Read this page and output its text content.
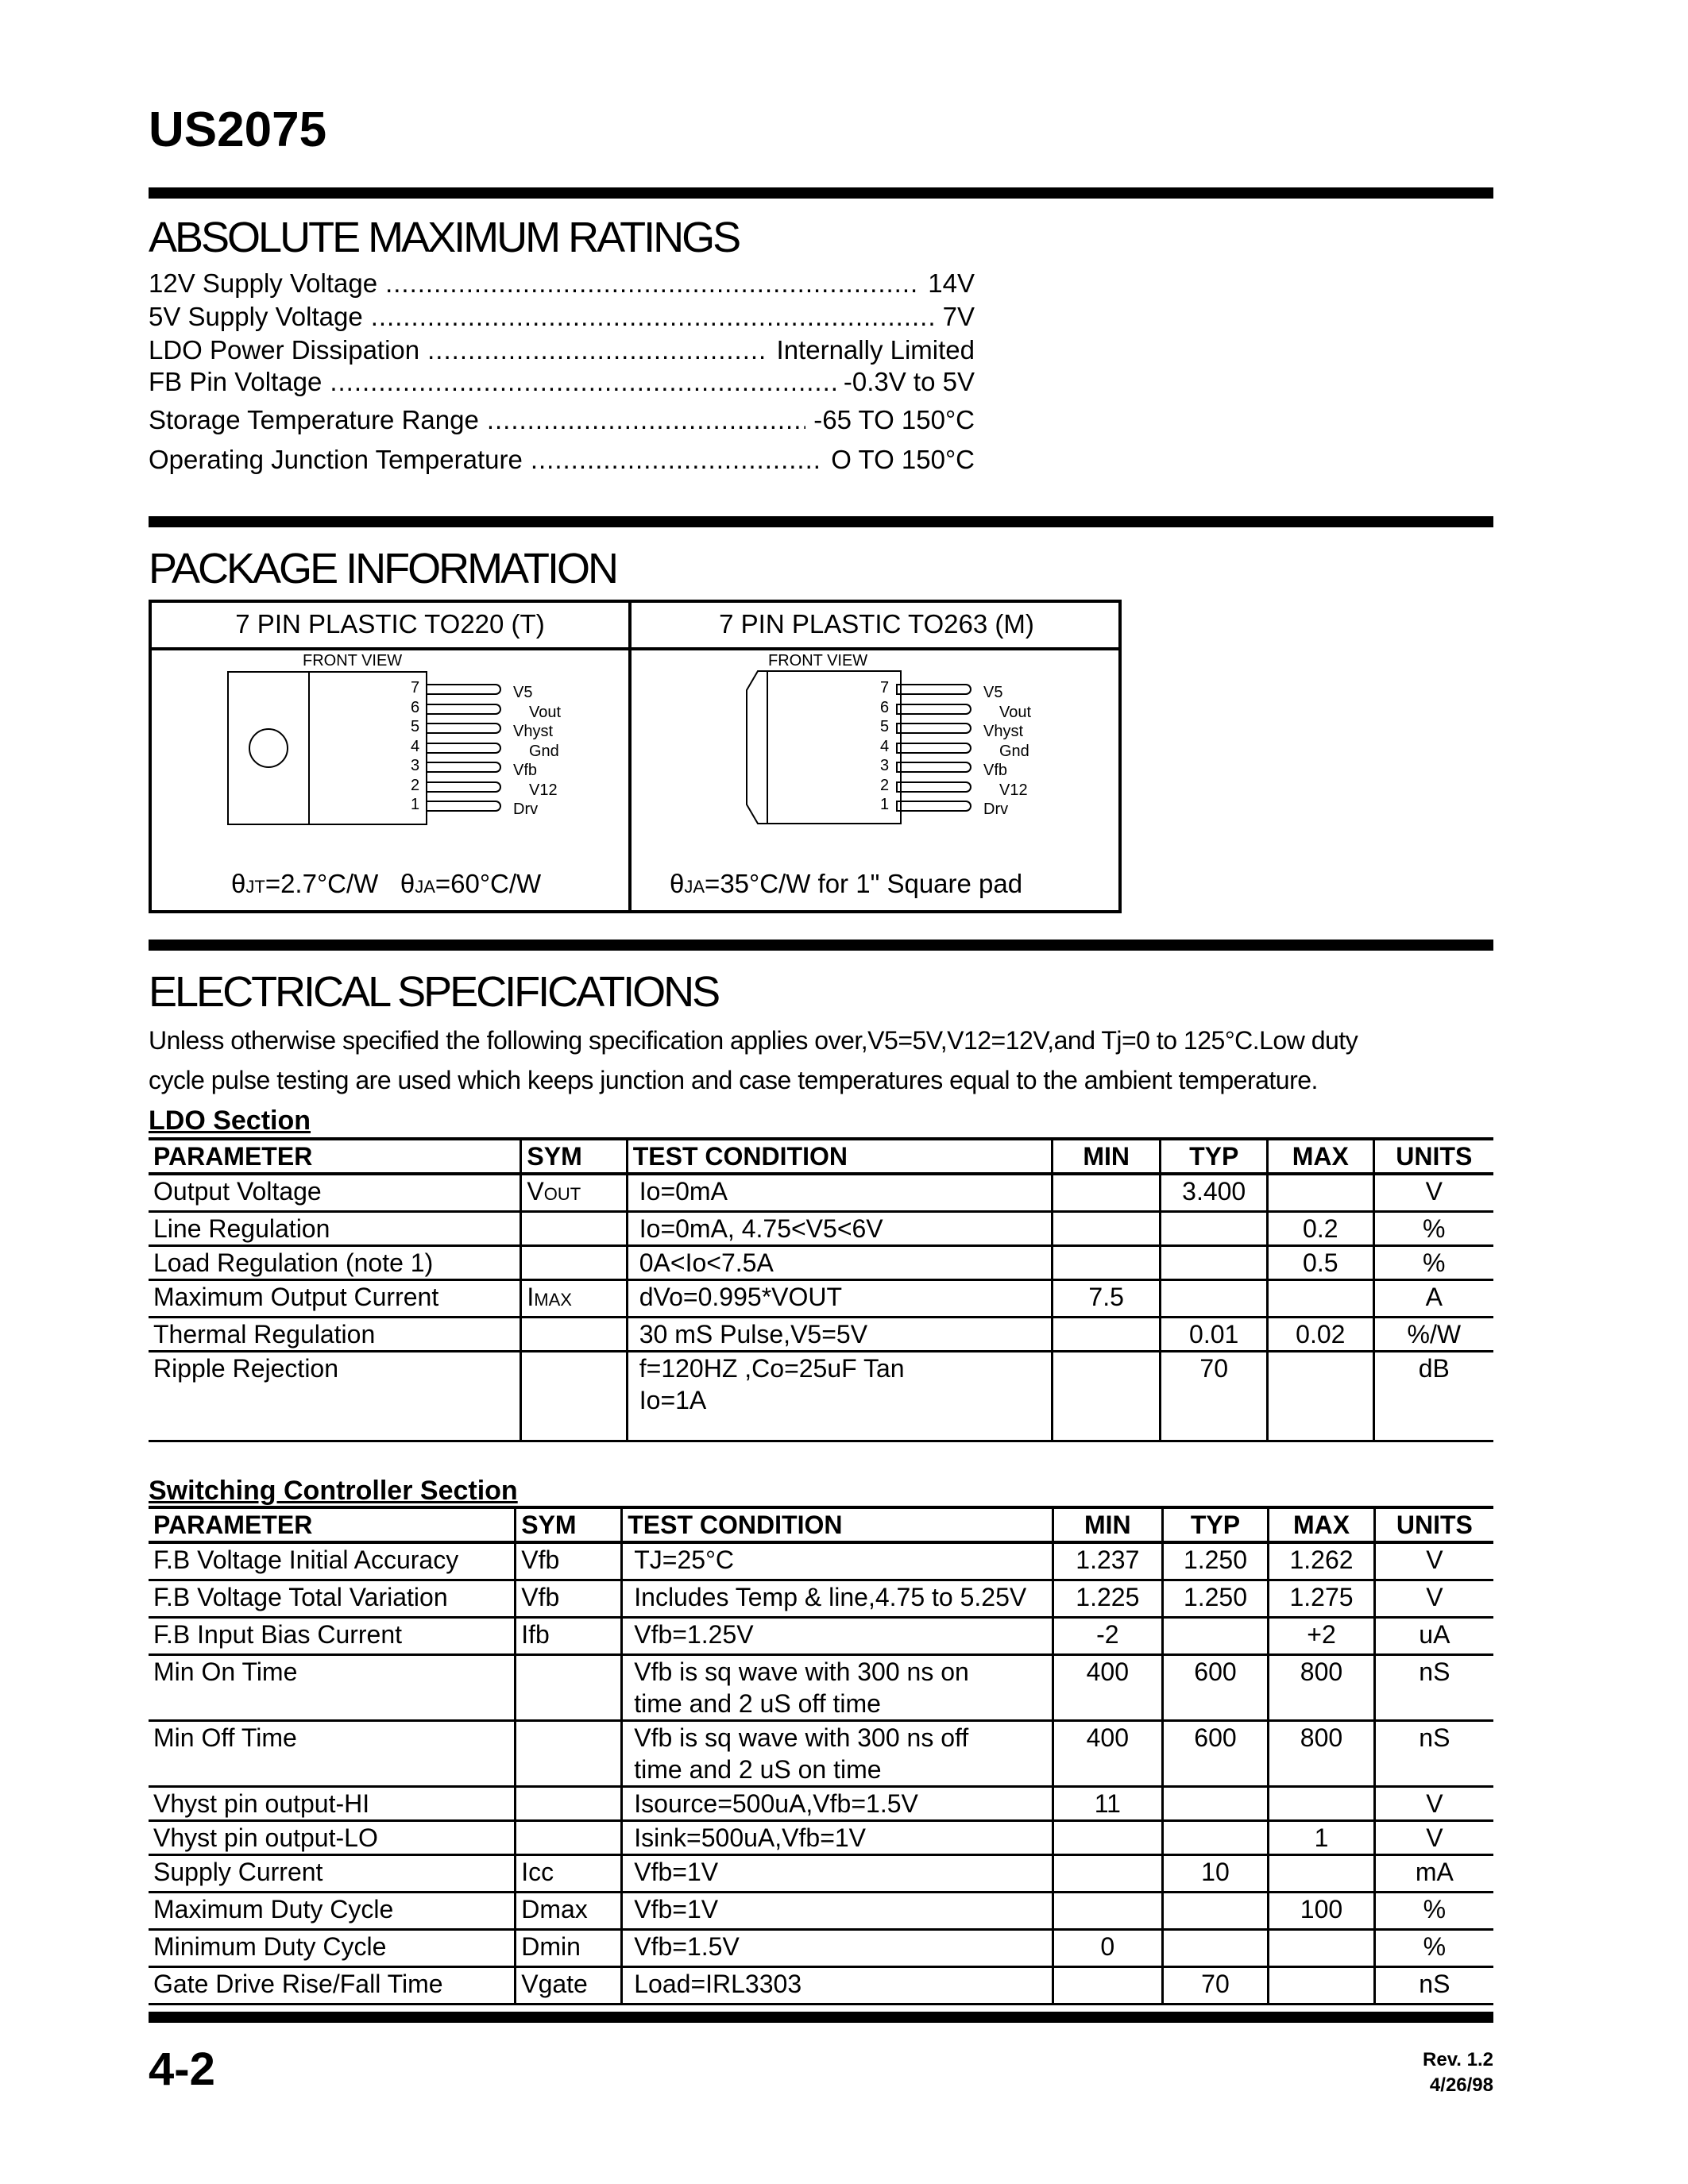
US2075
ABSOLUTE MAXIMUM RATINGS
12V Supply Voltage .....	14V
5V Supply Voltage .....	7V
LDO Power Dissipation .....	Internally Limited
FB Pin Voltage .....	-0.3V to 5V
Storage Temperature Range .....	-65 TO 150°C
Operating Junction Temperature .....	O TO 150°C
PACKAGE INFORMATION
7 PIN PLASTIC TO220 (T)	7 PIN PLASTIC TO263 (M)
FRONT VIEW
7	V5
6	Vout
5	Vhyst
4	Gnd
3	Vfb
2	V12
1	Drv
θJT=2.7°C/W θJA=60°C/W
FRONT VIEW
7	V5
6	Vout
5	Vhyst
4	Gnd
3	Vfb
2	V12
1	Drv
θJA=35°C/W for 1" Square pad
ELECTRICAL SPECIFICATIONS
Unless otherwise specified the following specification applies over,V5=5V,V12=12V,and Tj=0 to 125°C.Low duty
cycle pulse testing are used which keeps junction and case temperatures equal to the ambient temperature.
LDO Section
PARAMETER	SYM	TEST CONDITION	MIN	TYP	MAX	UNITS
Output Voltage	VOUT	Io=0mA		3.400		V
Line Regulation		Io=0mA, 4.75<V5<6V			0.2	%
Load Regulation (note 1)		0A<Io<7.5A			0.5	%
Maximum Output Current	IMAX	dVo=0.995*VOUT	7.5			A
Thermal Regulation		30 mS Pulse,V5=5V		0.01	0.02	%/W
Ripple Rejection		f=120HZ ,Co=25uF Tan
Io=1A		70		dB
Switching Controller Section
PARAMETER	SYM	TEST CONDITION	MIN	TYP	MAX	UNITS
F.B Voltage Initial Accuracy	Vfb	TJ=25°C	1.237	1.250	1.262	V
F.B Voltage Total Variation	Vfb	Includes Temp & line,4.75 to 5.25V	1.225	1.250	1.275	V
F.B Input Bias Current	Ifb	Vfb=1.25V	-2		+2	uA
Min On Time		Vfb is sq wave with 300 ns on
time and 2 uS off time	400	600	800	nS
Min Off Time		Vfb is sq wave with 300 ns off
time and 2 uS on time	400	600	800	nS
Vhyst pin output-HI		Isource=500uA,Vfb=1.5V	11			V
Vhyst pin output-LO		Isink=500uA,Vfb=1V			1	V
Supply Current	Icc	Vfb=1V		10		mA
Maximum Duty Cycle	Dmax	Vfb=1V			100	%
Minimum Duty Cycle	Dmin	Vfb=1.5V	0			%
Gate Drive Rise/Fall Time	Vgate	Load=IRL3303		70		nS
4-2	Rev. 1.2
4/26/98
